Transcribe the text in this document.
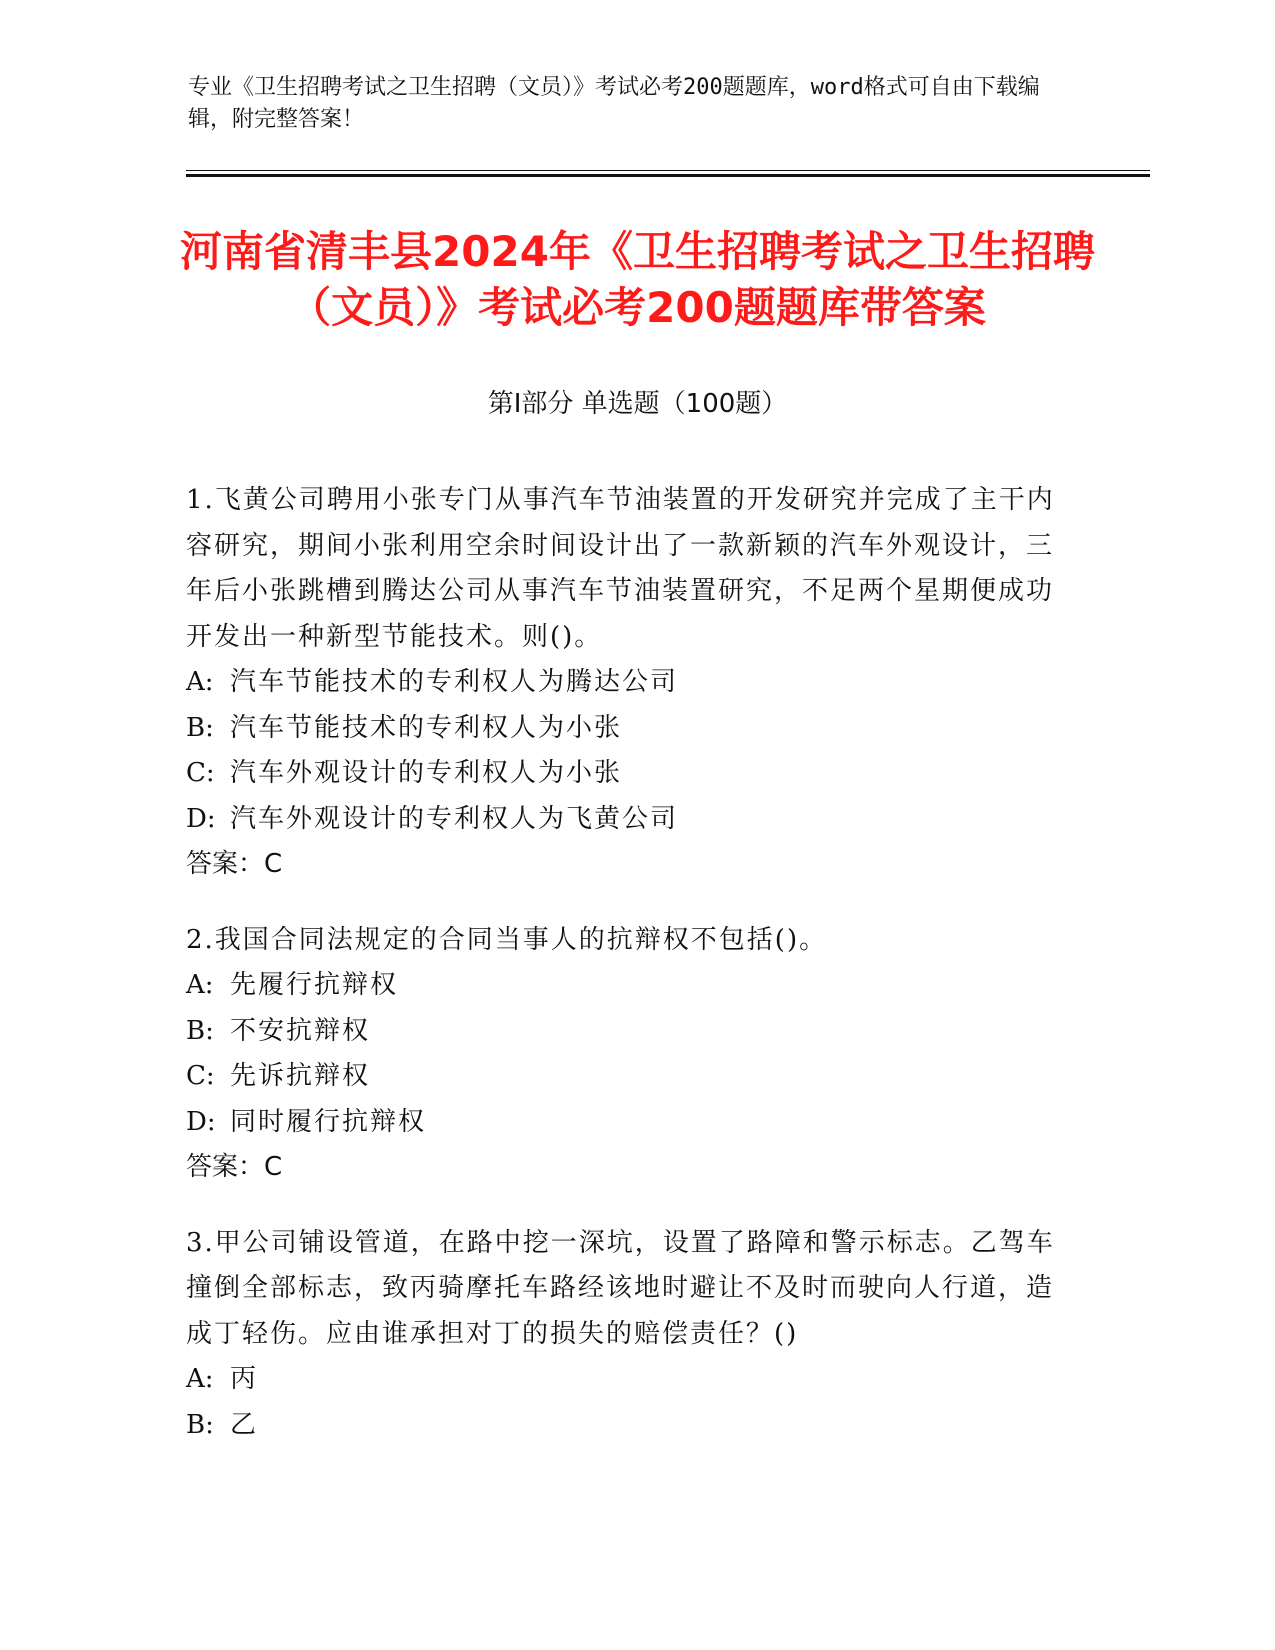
专业《卫生招聘考试之卫生招聘（文员）》考试必考200题题库，word格式可自由下载编辑，附完整答案！
河南省清丰县2024年《卫生招聘考试之卫生招聘（文员）》考试必考200题题库带答案
第Ⅰ部分 单选题（100题）
1.飞黄公司聘用小张专门从事汽车节油装置的开发研究并完成了主干内容研究，期间小张利用空余时间设计出了一款新颖的汽车外观设计，三年后小张跳槽到腾达公司从事汽车节油装置研究，不足两个星期便成功开发出一种新型节能技术。则()。
A: 汽车节能技术的专利权人为腾达公司
B: 汽车节能技术的专利权人为小张
C: 汽车外观设计的专利权人为小张
D: 汽车外观设计的专利权人为飞黄公司
答案：C
2.我国合同法规定的合同当事人的抗辩权不包括()。
A: 先履行抗辩权
B: 不安抗辩权
C: 先诉抗辩权
D: 同时履行抗辩权
答案：C
3.甲公司铺设管道，在路中挖一深坑，设置了路障和警示标志。乙驾车撞倒全部标志，致丙骑摩托车路经该地时避让不及时而驶向人行道，造成丁轻伤。应由谁承担对丁的损失的赔偿责任？()
A: 丙
B: 乙
